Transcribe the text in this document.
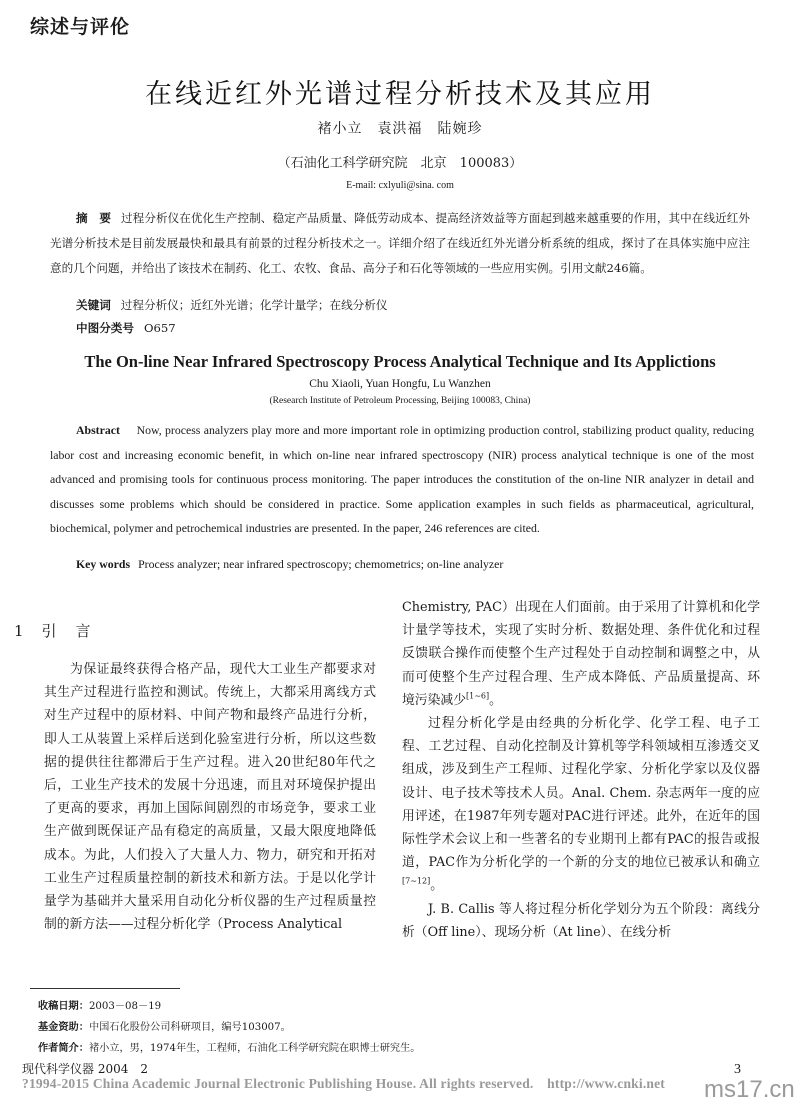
综述与评伦
在线近红外光谱过程分析技术及其应用
褚小立　袁洪福　陆婉珍
（石油化工科学研究院　北京　100083）
E-mail: cxlyuli@sina. com
摘　要 过程分析仪在优化生产控制、稳定产品质量、降低劳动成本、提高经济效益等方面起到越来越重要的作用，其中在线近红外光谱分析技术是目前发展最快和最具有前景的过程分析技术之一。详细介绍了在线近红外光谱分析系统的组成，探讨了在具体实施中应注意的几个问题，并给出了该技术在制药、化工、农牧、食品、高分子和石化等领域的一些应用实例。引用文献246篇。
关键词 过程分析仪；近红外光谱；化学计量学；在线分析仪
中图分类号 O657
The On-line Near Infrared Spectroscopy Process Analytical Technique and Its Applictions
Chu Xiaoli, Yuan Hongfu, Lu Wanzhen
(Research Institute of Petroleum Processing, Beijing 100083, China)
Abstract Now, process analyzers play more and more important role in optimizing production control, stabilizing product quality, reducing labor cost and increasing economic benefit, in which on-line near infrared spectroscopy (NIR) process analytical technique is one of the most advanced and promising tools for continuous process monitoring. The paper introduces the constitution of the on-line NIR analyzer in detail and discusses some problems which should be considered in practice. Some application examples in such fields as pharmaceutical, agricultural, biochemical, polymer and petrochemical industries are presented. In the paper, 246 references are cited.
Key words Process analyzer; near infrared spectroscopy; chemometrics; on-line analyzer
1 引　言

为保证最终获得合格产品，现代大工业生产都要求对其生产过程进行监控和测试。传统上，大都采用离线方式对生产过程中的原材料、中间产物和最终产品进行分析，即人工从装置上采样后送到化验室进行分析，所以这些数据的提供往往都滞后于生产过程。进入20世纪80年代之后，工业生产技术的发展十分迅速，而且对环境保护提出了更高的要求，再加上国际间剧烈的市场竞争，要求工业生产做到既保证产品有稳定的高质量，又最大限度地降低成本。为此，人们投入了大量人力、物力，研究和开拓对工业生产过程质量控制的新技术和新方法。于是以化学计量学为基础并大量采用自动化分析仪器的生产过程质量控制的新方法——过程分析化学（Process Analytical

Chemistry, PAC）出现在人们面前。由于采用了计算机和化学计量学等技术，实现了实时分析、数据处理、条件优化和过程反馈联合操作而使整个生产过程处于自动控制和调整之中，从而可使整个生产过程合理、生产成本降低、产品质量提高、环境污染减少[1~6]。

过程分析化学是由经典的分析化学、化学工程、电子工程、工艺过程、自动化控制及计算机等学科领域相互渗透交叉组成，涉及到生产工程师、过程化学家、分析化学家以及仪器设计、电子技术等技术人员。Anal. Chem. 杂志两年一度的应用评述，在1987年列专题对PAC进行评述。此外，在近年的国际性学术会议上和一些著名的专业期刊上都有PAC的报告或报道，PAC作为分析化学的一个新的分支的地位已被承认和确立[7~12]。

J. B. Callis 等人将过程分析化学划分为五个阶段：离线分析（Off line）、现场分析（At line）、在线分析

收稿日期：2003－08－19
基金资助：中国石化股份公司科研项目，编号103007。
作者简介：褚小立，男，1974年生，工程师，石油化工科学研究院在职博士研究生。
现代科学仪器 2004　2	3
?1994-2015 China Academic Journal Electronic Publishing House. All rights reserved.　http://www.cnki.net ms17.cn
